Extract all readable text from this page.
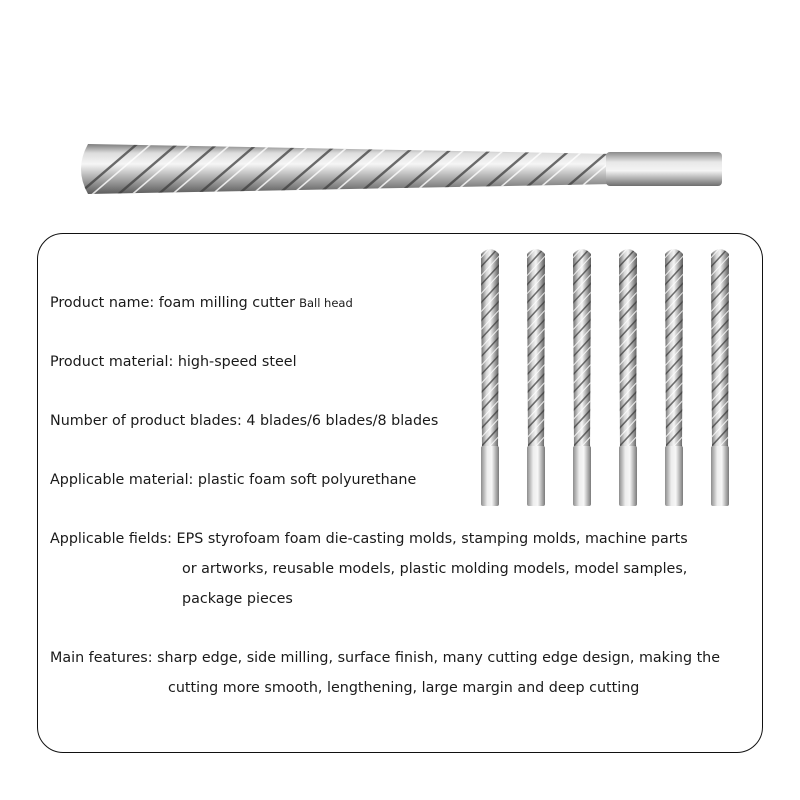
Product name: foam milling cutter Ball head

Product material: high-speed steel

Number of product blades: 4 blades/6 blades/8 blades

Applicable material: plastic foam soft polyurethane

Applicable fields: EPS styrofoam foam die-casting molds, stamping molds, machine parts

or artworks, reusable models, plastic molding models, model samples,
package pieces

Main features: sharp edge, side milling, surface finish, many cutting edge design, making the

cutting more smooth, lengthening, large margin and deep cutting
